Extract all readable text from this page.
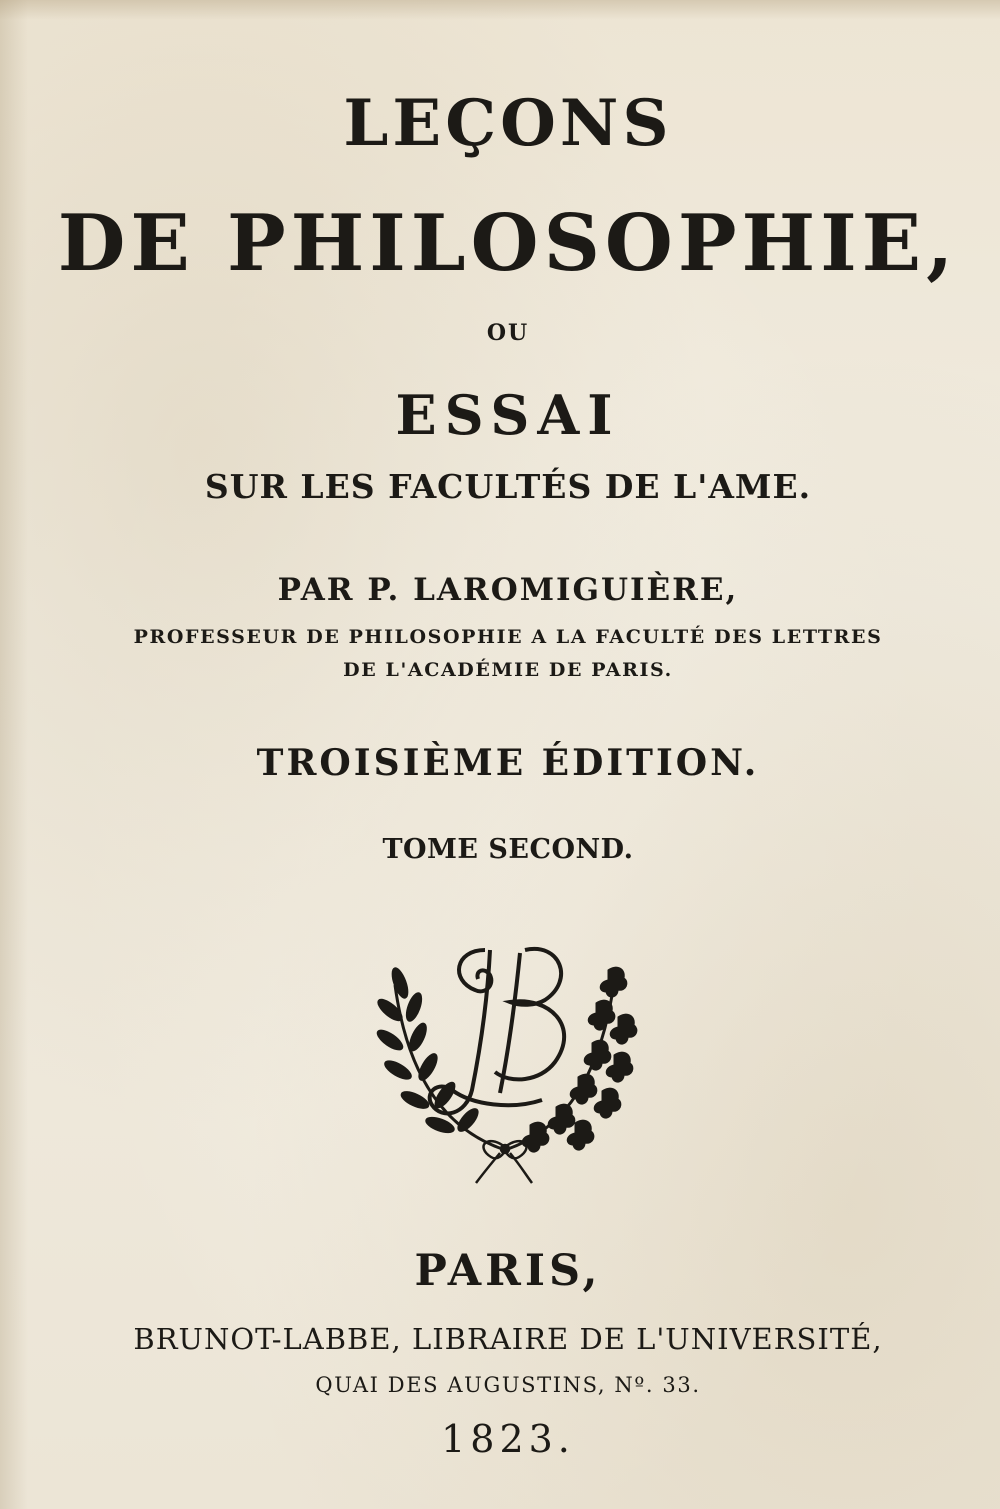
LEÇONS
DE PHILOSOPHIE,
OU
ESSAI
SUR LES FACULTÉS DE L'AME.
PAR P. LAROMIGUIÈRE,
PROFESSEUR DE PHILOSOPHIE A LA FACULTÉ DES LETTRES
DE L'ACADÉMIE DE PARIS.
TROISIÈME ÉDITION.
TOME SECOND.
PARIS,
BRUNOT-LABBE, LIBRAIRE DE L'UNIVERSITÉ,
QUAI DES AUGUSTINS, Nº. 33.
1823.
